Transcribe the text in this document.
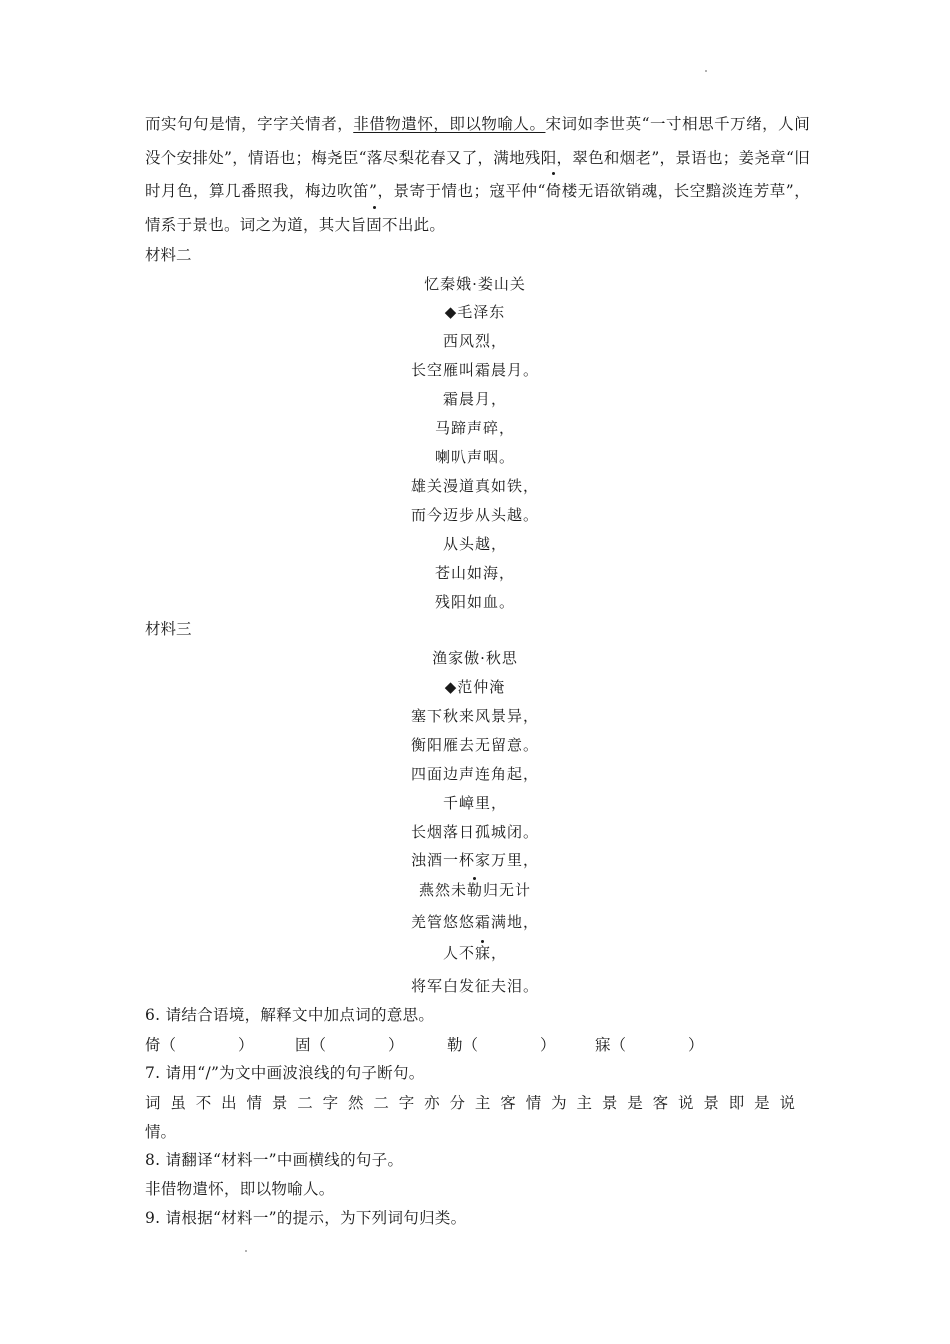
而实句句是情，字字关情者，非借物遣怀，即以物喻人。宋词如李世英“一寸相思千万绪，人间没个安排处”，情语也；梅尧臣“落尽梨花春又了，满地残阳，翠色和烟老”，景语也；姜尧章“旧时月色，算几番照我，梅边吹笛”，景寄于情也；寇平仲“倚楼无语欲销魂，长空黯淡连芳草”，情系于景也。词之为道，其大旨固不出此。
材料二
忆秦娥·娄山关
◆毛泽东
西风烈，
长空雁叫霜晨月。
霜晨月，
马蹄声碎，
喇叭声咽。
雄关漫道真如铁，
而今迈步从头越。
从头越，
苍山如海，
残阳如血。
材料三
渔家傲·秋思
◆范仲淹
塞下秋来风景异，
衡阳雁去无留意。
四面边声连角起，
千嶂里，
长烟落日孤城闭。
浊酒一杯家万里，
燕然未勒归无计
羌管悠悠霜满地，
人不寐，
将军白发征夫泪。
6. 请结合语境，解释文中加点词的意思。
倚（　　　　）	固（　　　　）	勒（　　　　）	寐（　　　　）
7. 请用“/”为文中画波浪线的句子断句。
词虽不出情景二字然二字亦分主客情为主景是客说景即是说
情。
8. 请翻译“材料一”中画横线的句子。
非借物遣怀，即以物喻人。
9. 请根据“材料一”的提示，为下列词句归类。
